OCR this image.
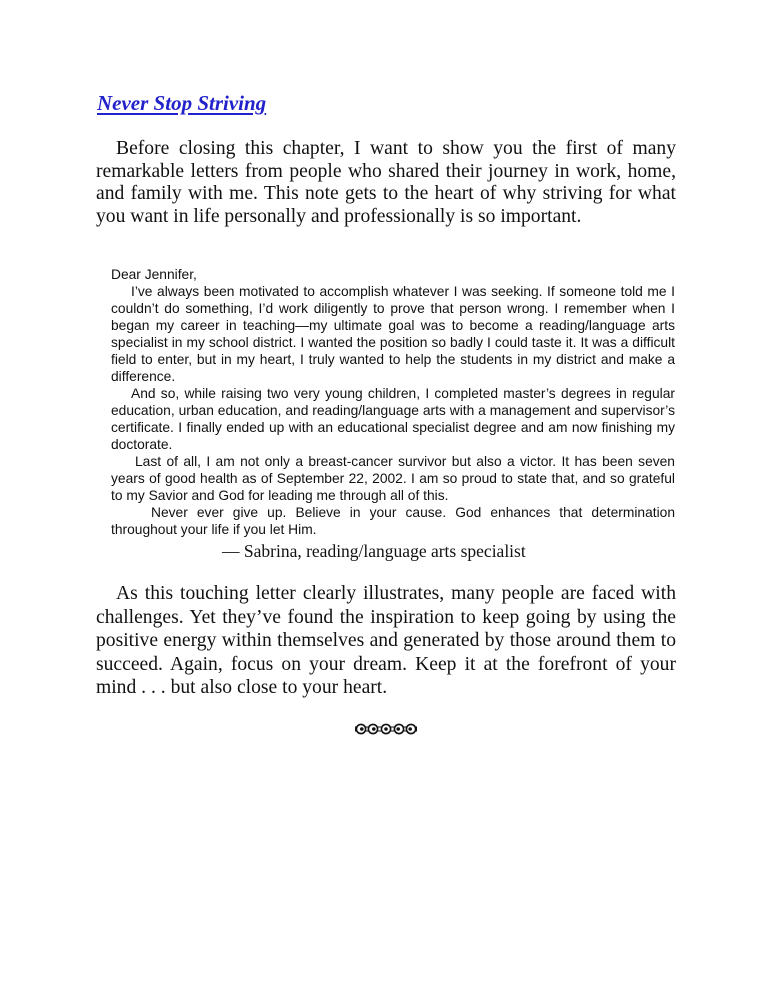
Never Stop Striving

Before closing this chapter, I want to show you the first of many remarkable letters from people who shared their journey in work, home, and family with me. This note gets to the heart of why striving for what you want in life personally and professionally is so important.

Dear Jennifer,

I’ve always been motivated to accomplish whatever I was seeking. If someone told me I couldn’t do something, I’d work diligently to prove that person wrong. I remember when I began my career in teaching—my ultimate goal was to become a reading/language arts specialist in my school district. I wanted the position so badly I could taste it. It was a difficult field to enter, but in my heart, I truly wanted to help the students in my district and make a difference.

And so, while raising two very young children, I completed master’s degrees in regular education, urban education, and reading/language arts with a management and supervisor’s certificate. I finally ended up with an educational specialist degree and am now finishing my doctorate.

Last of all, I am not only a breast-cancer survivor but also a victor. It has been seven years of good health as of September 22, 2002. I am so proud to state that, and so grateful to my Savior and God for leading me through all of this.

Never ever give up. Believe in your cause. God enhances that determination throughout your life if you let Him.

— Sabrina, reading/language arts specialist

As this touching letter clearly illustrates, many people are faced with challenges. Yet they’ve found the inspiration to keep going by using the positive energy within themselves and generated by those around them to succeed. Again, focus on your dream. Keep it at the forefront of your mind . . . but also close to your heart.
